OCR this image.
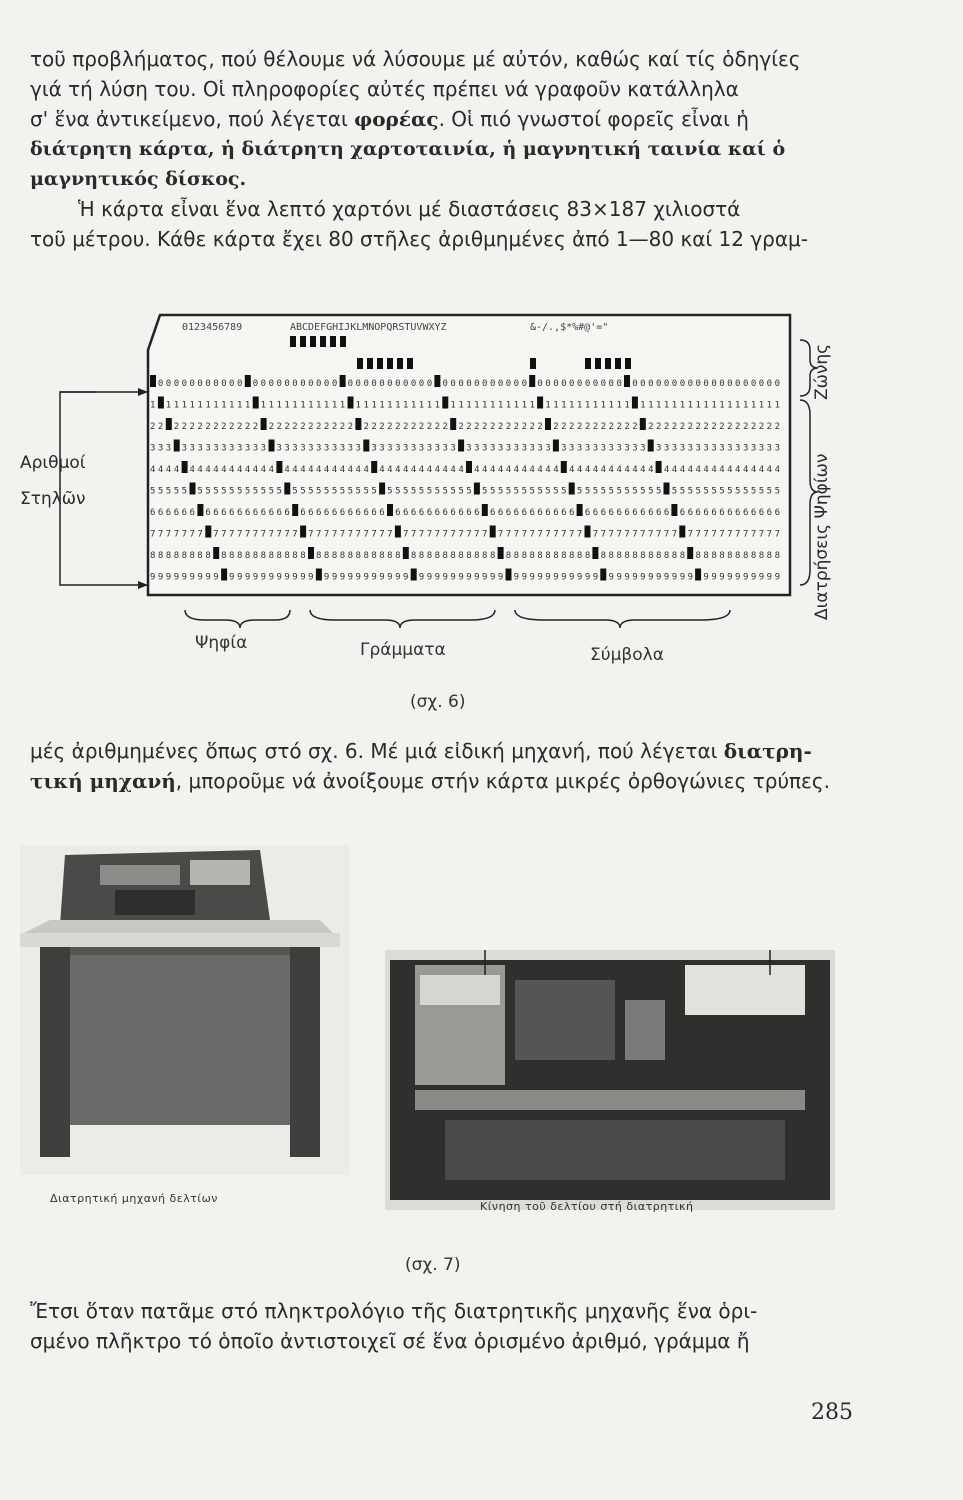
τοῦ προβλήματος, πού θέλουμε νά λύσουμε μέ αὐτόν, καθώς καί τίς ὁδηγίες
γιά τή λύση του. Οἱ πληροφορίες αὐτές πρέπει νά γραφοῦν κατάλληλα
σ' ἕνα ἀντικείμενο, πού λέγεται φορέας. Οἱ πιό γνωστοί φορεῖς εἶναι ἡ
διάτρητη κάρτα, ἡ διάτρητη χαρτοταινία, ἡ μαγνητική ταινία καί ὁ
μαγνητικός δίσκος.
Ἡ κάρτα εἶναι ἕνα λεπτό χαρτόνι μέ διαστάσεις 83×187 χιλιοστά
τοῦ μέτρου. Κάθε κάρτα ἔχει 80 στῆλες ἀριθμημένες ἀπό 1—80 καί 12 γραμ-
0123456789	ABCDEFGHIJKLMNOPQRSTUVWXYZ	&-/.,$*%#@'="
00000000000 00000000000 00000000000 00000000000 00000000000 0000000000000000000
1 11111111111 11111111111 11111111111 11111111111 11111111111 111111111111111111
22 22222222222 22222222222 22222222222 22222222222 22222222222 22222222222222222
333 33333333333 33333333333 33333333333 33333333333 33333333333 3333333333333333
4444 44444444444 44444444444 44444444444 44444444444 44444444444 444444444444444
55555 55555555555 55555555555 55555555555 55555555555 55555555555 55555555555555
666666 66666666666 66666666666 66666666666 66666666666 66666666666 6666666666666
7777777 77777777777 77777777777 77777777777 77777777777 77777777777 777777777777
88888888 88888888888 88888888888 88888888888 88888888888 88888888888 88888888888
999999999 99999999999 99999999999 99999999999 99999999999 99999999999 9999999999
Αριθμοί
Στηλῶν
Ζώνης
Διατρήσεις Ψηφίων
Ψηφία	Γράμματα	Σύμβολα
(σχ. 6)
μές ἀριθμημένες ὅπως στό σχ. 6. Μέ μιά εἰδική μηχανή, πού λέγεται διατρη-
τική μηχανή, μποροῦμε νά ἀνοίξουμε στήν κάρτα μικρές ὀρθογώνιες τρύπες.
Διατρητική μηχανή δελτίων
Κίνηση τοῦ δελτίου στή διατρητική
(σχ. 7)
Ἔτσι ὅταν πατᾶμε στό πληκτρολόγιο τῆς διατρητικῆς μηχανῆς ἕνα ὁρι-
σμένο πλῆκτρο τό ὁποῖο ἀντιστοιχεῖ σέ ἕνα ὁρισμένο ἀριθμό, γράμμα ἤ
285
